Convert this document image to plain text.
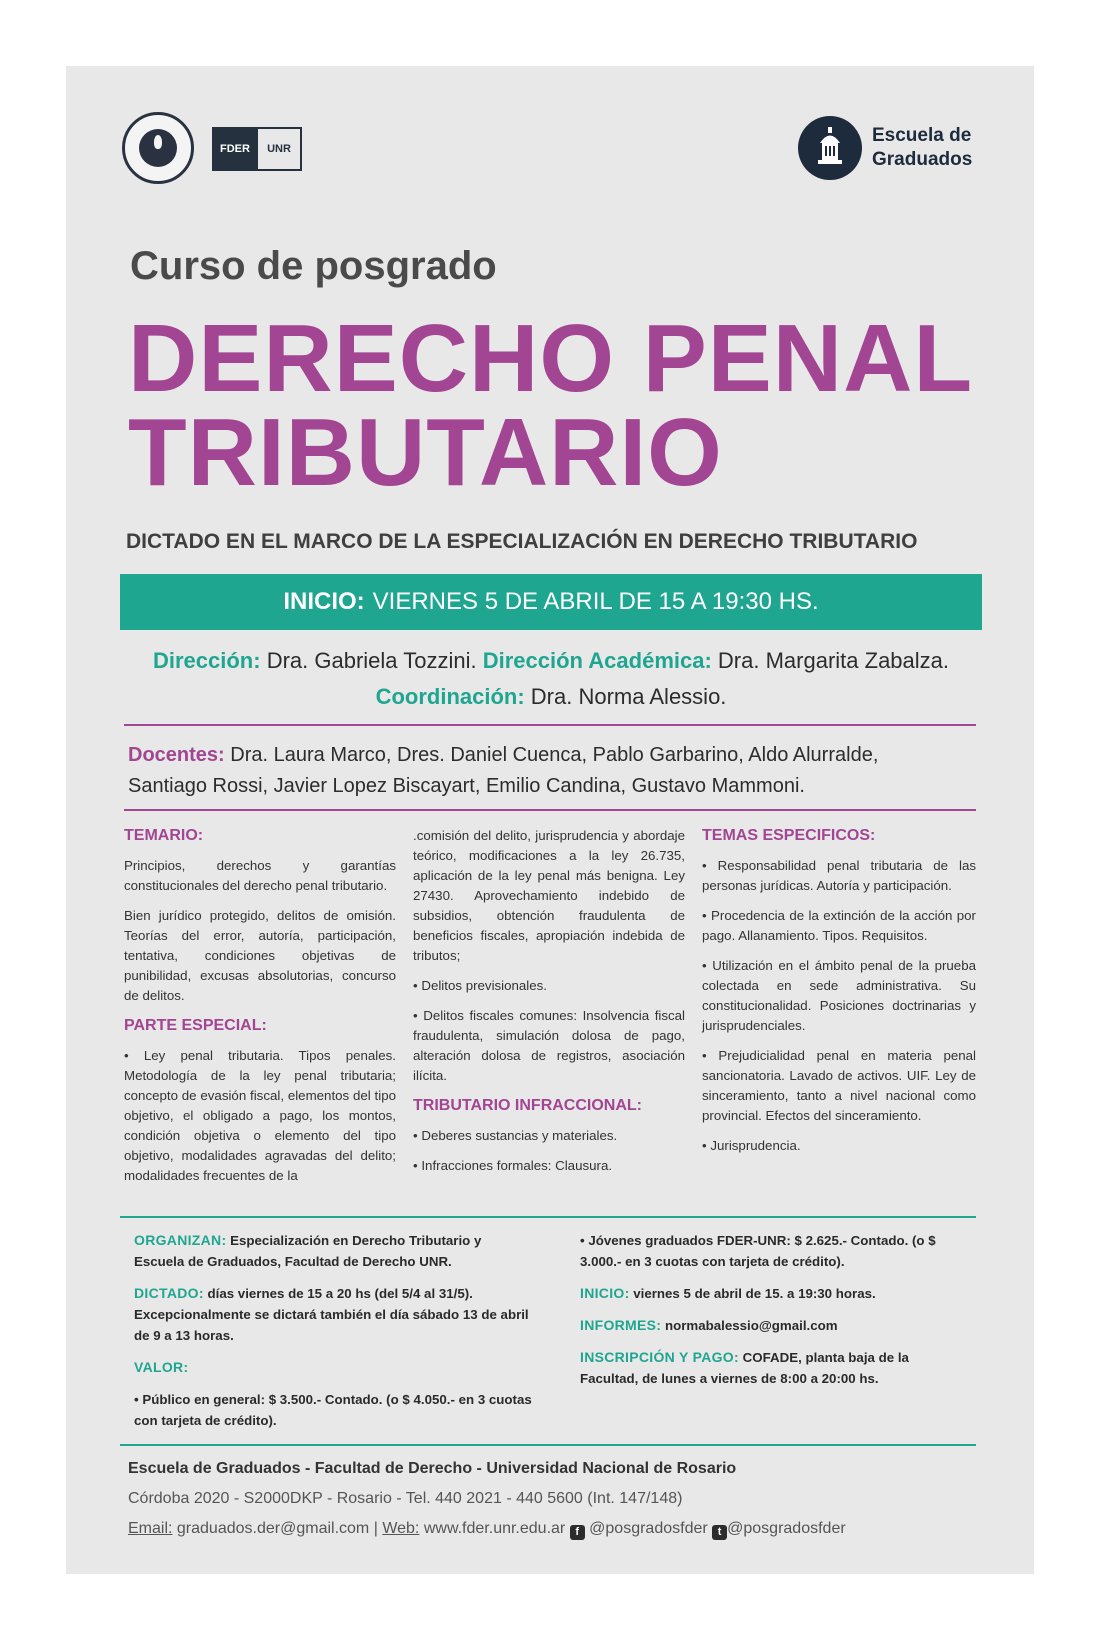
FDER	UNR
Escuela de
Graduados
Curso de posgrado
DERECHO PENAL
TRIBUTARIO
DICTADO EN EL MARCO DE LA ESPECIALIZACIÓN EN DERECHO TRIBUTARIO
INICIO: VIERNES 5 DE ABRIL DE 15 A 19:30 HS.
Dirección: Dra. Gabriela Tozzini. Dirección Académica: Dra. Margarita Zabalza.
Coordinación: Dra. Norma Alessio.
Docentes: Dra. Laura Marco, Dres. Daniel Cuenca, Pablo Garbarino, Aldo Alurralde,
Santiago Rossi, Javier Lopez Biscayart, Emilio Candina, Gustavo Mammoni.
TEMARIO:

Principios, derechos y garantías constitucionales del derecho penal tributario.

Bien jurídico protegido, delitos de omisión. Teorías del error, autoría, participación, tentativa, condiciones objetivas de punibilidad, excusas absolutorias, concurso de delitos.

PARTE ESPECIAL:

• Ley penal tributaria. Tipos penales. Metodología de la ley penal tributaria; concepto de evasión fiscal, elementos del tipo objetivo, el obligado a pago, los montos, condición objetiva o elemento del tipo objetivo, modalidades agravadas del delito; modalidades frecuentes de la

.comisión del delito, jurisprudencia y abordaje teórico, modificaciones a la ley 26.735, aplicación de la ley penal más benigna. Ley 27430. Aprovechamiento indebido de subsidios, obtención fraudulenta de beneficios fiscales, apropiación indebida de tributos;

• Delitos previsionales.
• Delitos fiscales comunes: Insolvencia fiscal fraudulenta, simulación dolosa de pago, alteración dolosa de registros, asociación ilícita.
TRIBUTARIO INFRACCIONAL:
• Deberes sustancias y materiales.
• Infracciones formales: Clausura.
TEMAS ESPECIFICOS:
• Responsabilidad penal tributaria de las personas jurídicas. Autoría y participación.
• Procedencia de la extinción de la acción por pago. Allanamiento. Tipos. Requisitos.
• Utilización en el ámbito penal de la prueba colectada en sede administrativa. Su constitucionalidad. Posiciones doctrinarias y jurisprudenciales.
• Prejudicialidad penal en materia penal sancionatoria. Lavado de activos. UIF. Ley de sinceramiento, tanto a nivel nacional como provincial. Efectos del sinceramiento.
• Jurisprudencia.

ORGANIZAN: Especialización en Derecho Tributario y Escuela de Graduados, Facultad de Derecho UNR.

DICTADO: días viernes de 15 a 20 hs (del 5/4 al 31/5). Excepcionalmente se dictará también el día sábado 13 de abril de 9 a 13 horas.

VALOR:

• Público en general: $ 3.500.- Contado. (o $ 4.050.- en 3 cuotas con tarjeta de crédito).

• Jóvenes graduados FDER-UNR: $ 2.625.- Contado. (o $ 3.000.- en 3 cuotas con tarjeta de crédito).

INICIO: viernes 5 de abril de 15. a 19:30 horas.

INFORMES: normabalessio@gmail.com

INSCRIPCIÓN Y PAGO: COFADE, planta baja de la Facultad, de lunes a viernes de 8:00 a 20:00 hs.

Escuela de Graduados - Facultad de Derecho - Universidad Nacional de Rosario
Córdoba 2020 - S2000DKP - Rosario - Tel. 440 2021 - 440 5600 (Int. 147/148)
Email: graduados.der@gmail.com | Web: www.fder.unr.edu.ar f @posgradosfder t @posgradosfder
